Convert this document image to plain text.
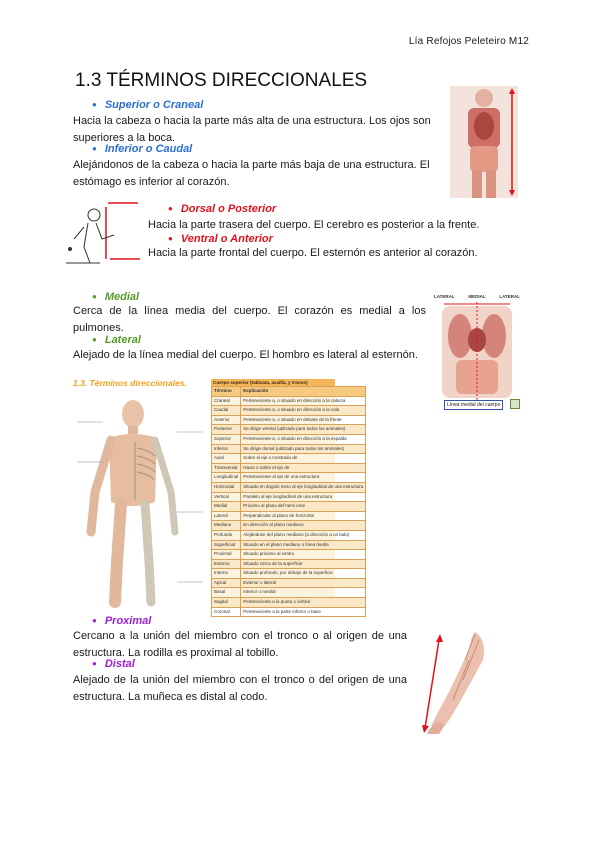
Lía Refojos Peleteiro M12
1.3 TÉRMINOS DIRECCIONALES
● Superior o Craneal
Hacia la cabeza o hacia la parte más alta de una estructura. Los ojos son superiores a la boca.
● Inferior o Caudal
Alejándonos de la cabeza o hacia la parte más baja de una estructura. El estómago es inferior al corazón.
● Dorsal o Posterior
Hacia la parte trasera del cuerpo. El cerebro es posterior a la frente.
● Ventral o Anterior
Hacia la parte frontal del cuerpo. El esternón es anterior al corazón.
● Medial
Cerca de la línea media del cuerpo. El corazón es medial a los pulmones.
● Lateral
Alejado de la línea medial del cuerpo. El hombro es lateral al esternón.
LATERAL	MEDIAL	LATERAL
Línea medial del cuerpo
1.3. Términos direccionales.	Cuerpo superior (tablcata, axailla, y tronco)
Término	Explicación
Craneal	Perteneciente a, o situado en dirección a la cabeza
Caudal	Perteneciente a, o situado en dirección a la cola
Anterior	Perteneciente a, o situado en delante de la frente
Posterior	Se dirige ventral (utilizado para todos los animales)
Superior	Perteneciente a, o situado en dirección a la espalda
Inferior	Se dirige dorsal (utilizado para todos los animales)
Axial	Sobre el eje o mostrado de
Transversal	Hacia o sobre el eje de
Longitudinal	Perteneciente al eje de una estructura
Horizontal	Situado en ángulo recto al eje longitudinal de una estructura
Vertical	Paralelo al eje longitudinal de una estructura
Medial	Próximo al plano del hemi eme
Lateral	Perpendicular al plano de horizonte
Mediano	En dirección al plano mediano
Profundo	Alejándose del plano mediano (a dirección a un lado)
Superficial	Situado en el plano mediano o línea media
Proximal	Situado próximo al centro
Externo	Situado cerca de la superficie
Interno	Situado profundo, por debajo de la superficie
Apical	Exterior o lateral
Basal	Interior o medial
Sagital	Perteneciente a la punta o vértice
Coronal	Perteneciente a la parte inferior o base
● Proximal
Cercano a la unión del miembro con el tronco o al origen de una estructura. La rodilla es proximal al tobillo.
● Distal
Alejado de la unión del miembro con el tronco o del origen de una estructura. La muñeca es distal al codo.
